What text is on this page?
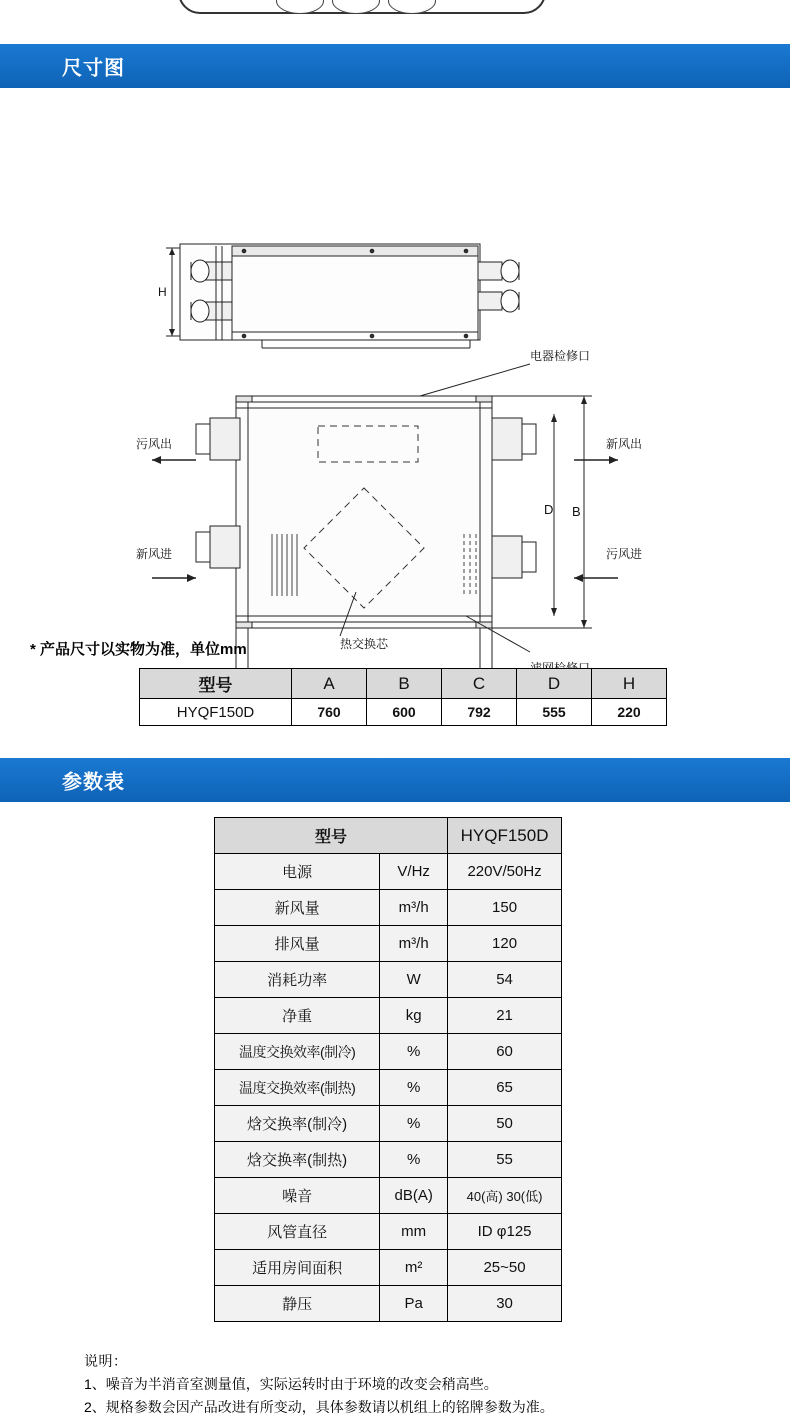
尺寸图
H
B
D
电器检修口
热交换芯
污风出
新风进
新风出
污风进
* 产品尺寸以实物为准，单位mm
型号	A	B	C	D	H
HYQF150D	760	600	792	555	220
参数表
型号		HYQF150D
电源	V/Hz	220V/50Hz
新风量	m³/h	150
排风量	m³/h	120
消耗功率	W	54
净重	kg	21
温度交换效率(制冷)	%	60
温度交换效率(制热)	%	65
焓交换率(制冷)	%	50
焓交换率(制热)	%	55
噪音	dB(A)	40(高) 30(低)
风管直径	mm	ID φ125
适用房间面积	m²	25~50
静压	Pa	30
说明：
1、噪音为半消音室测量值，实际运转时由于环境的改变会稍高些。
2、规格参数会因产品改进有所变动，具体参数请以机组上的铭牌参数为准。
